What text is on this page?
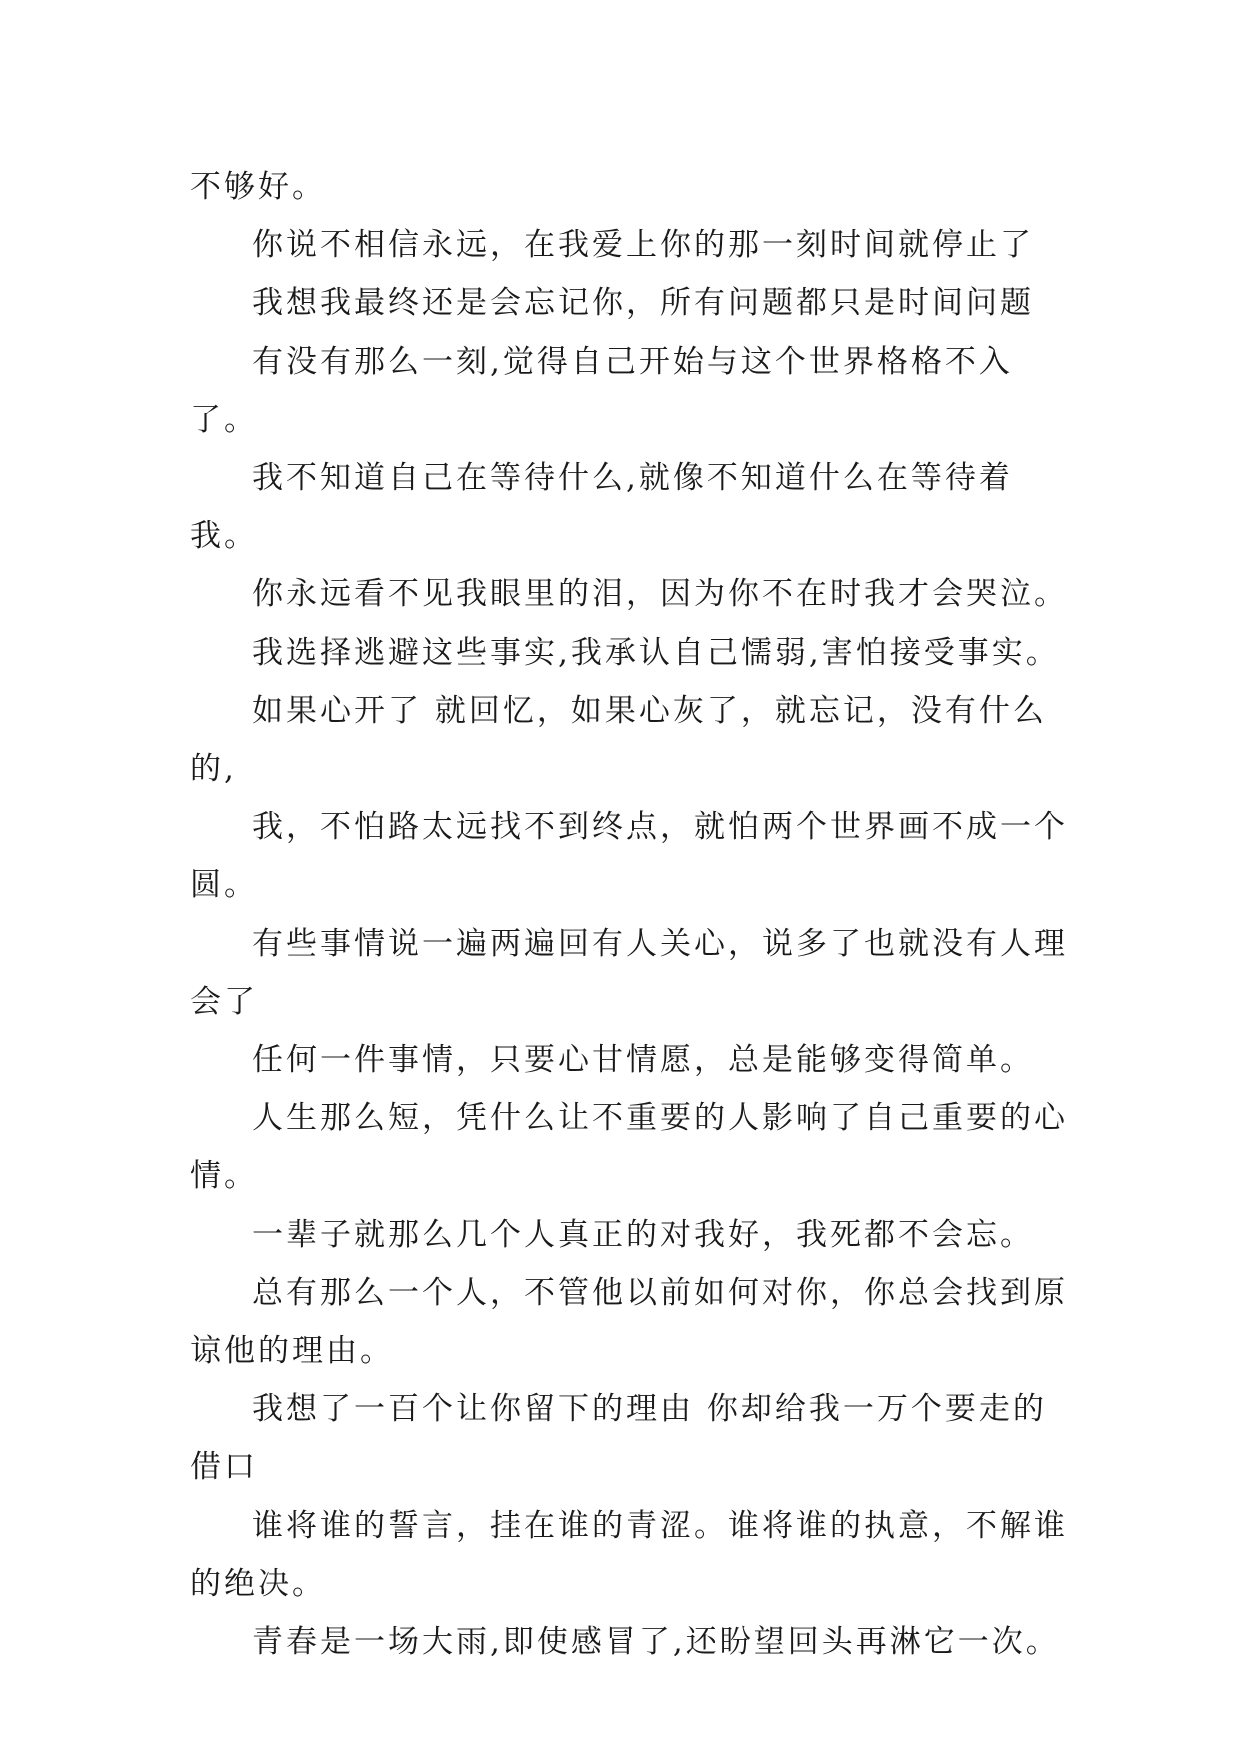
不够好。

你说不相信永远，在我爱上你的那一刻时间就停止了

我想我最终还是会忘记你，所有问题都只是时间问题

有没有那么一刻,觉得自己开始与这个世界格格不入了。

我不知道自己在等待什么,就像不知道什么在等待着我。

你永远看不见我眼里的泪，因为你不在时我才会哭泣。

我选择逃避这些事实,我承认自己懦弱,害怕接受事实。

如果心开了 就回忆，如果心灰了，就忘记，没有什么的,

我，不怕路太远找不到终点，就怕两个世界画不成一个圆。

有些事情说一遍两遍回有人关心，说多了也就没有人理会了

任何一件事情，只要心甘情愿，总是能够变得简单。

人生那么短，凭什么让不重要的人影响了自己重要的心情。

一辈子就那么几个人真正的对我好，我死都不会忘。

总有那么一个人，不管他以前如何对你，你总会找到原谅他的理由。

我想了一百个让你留下的理由 你却给我一万个要走的借口

谁将谁的誓言，挂在谁的青涩。谁将谁的执意，不解谁的绝决。

青春是一场大雨,即使感冒了,还盼望回头再淋它一次。
